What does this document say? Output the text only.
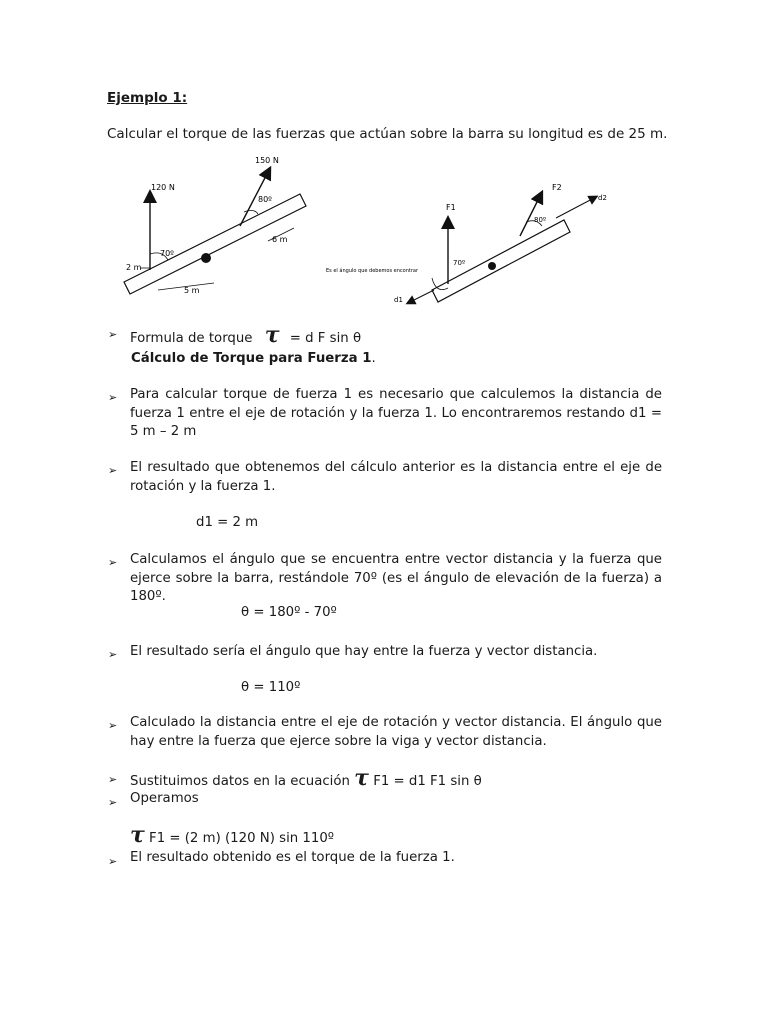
Ejemplo 1:
Calcular el torque de las fuerzas que actúan sobre la barra su longitud es de 25 m.
120 N
150 N
80º
70º
2 m
5 m
6 m
F1
F2
d2
d1
80º
70º
Es el ángulo que debemos encontrar
➢ Formula de torque τ = d F sin θ
Cálculo de Torque para Fuerza 1.
➢ Para calcular torque de fuerza 1 es necesario que calculemos la distancia de fuerza 1 entre el eje de rotación y la fuerza 1. Lo encontraremos restando d1 = 5 m – 2 m
➢ El resultado que obtenemos del cálculo anterior es la distancia entre el eje de rotación y la fuerza 1.
d1 = 2 m
➢ Calculamos el ángulo que se encuentra entre vector distancia y la fuerza que ejerce sobre la barra, restándole 70º (es el ángulo de elevación de la fuerza) a 180º.
θ = 180º - 70º
➢ El resultado sería el ángulo que hay entre la fuerza y vector distancia.
θ = 110º
➢ Calculado la distancia entre el eje de rotación y vector distancia. El ángulo que hay entre la fuerza que ejerce sobre la viga y vector distancia.
➢ Sustituimos datos en la ecuación τ F1 = d1 F1 sin θ
➢ Operamos
τ F1 = (2 m) (120 N) sin 110º
➢ El resultado obtenido es el torque de la fuerza 1.
